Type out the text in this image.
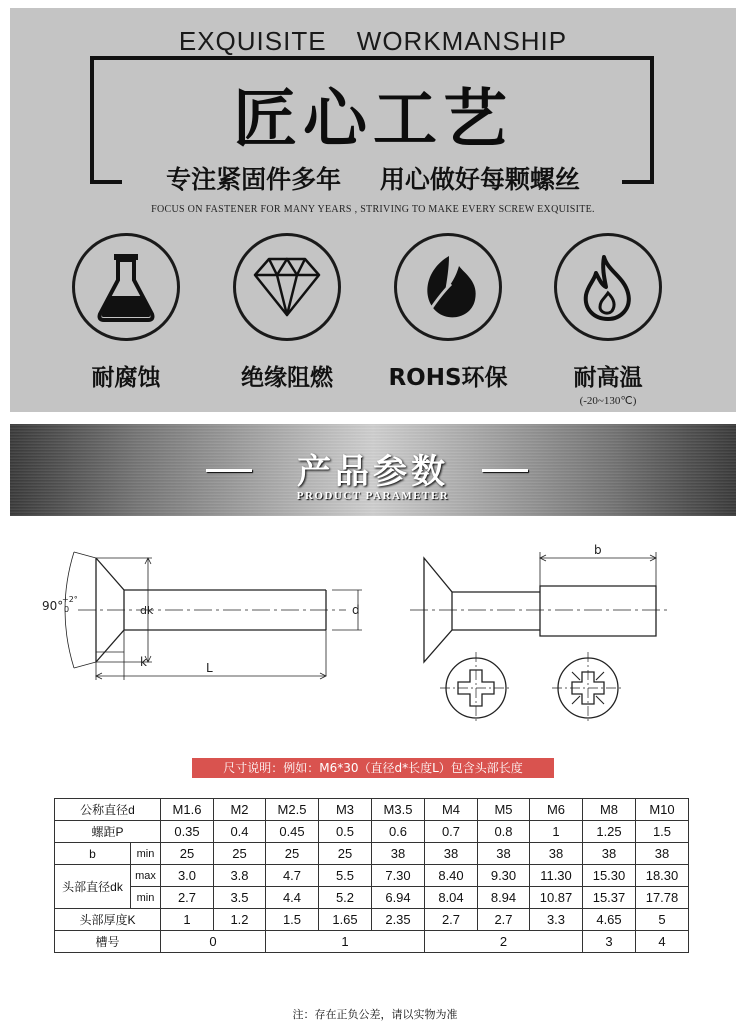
EXQUISITE WORKMANSHIP
匠心工艺
专注紧固件多年 用心做好每颗螺丝
FOCUS ON FASTENER FOR MANY YEARS , STRIVING TO MAKE EVERY SCREW EXQUISITE.
耐腐蚀	绝缘阻燃	ROHS环保	耐高温
(-20~130℃)
产品参数
PRODUCT PARAMETER
90°
+2°
0	dk	d
k	L
b
尺寸说明：例如：M6*30（直径d*长度L）包含头部长度
公称直径d		M1.6	M2	M2.5	M3	M3.5	M4	M5	M6	M8	M10
螺距P		0.35	0.4	0.45	0.5	0.6	0.7	0.8	1	1.25	1.5
b	min	25	25	25	25	38	38	38	38	38	38
头部直径dk	max	3.0	3.8	4.7	5.5	7.30	8.40	9.30	11.30	15.30	18.30
	min	2.7	3.5	4.4	5.2	6.94	8.04	8.94	10.87	15.37	17.78
头部厚度K		1	1.2	1.5	1.65	2.35	2.7	2.7	3.3	4.65	5
槽号		0		1			2			3	4
注：存在正负公差，请以实物为准
